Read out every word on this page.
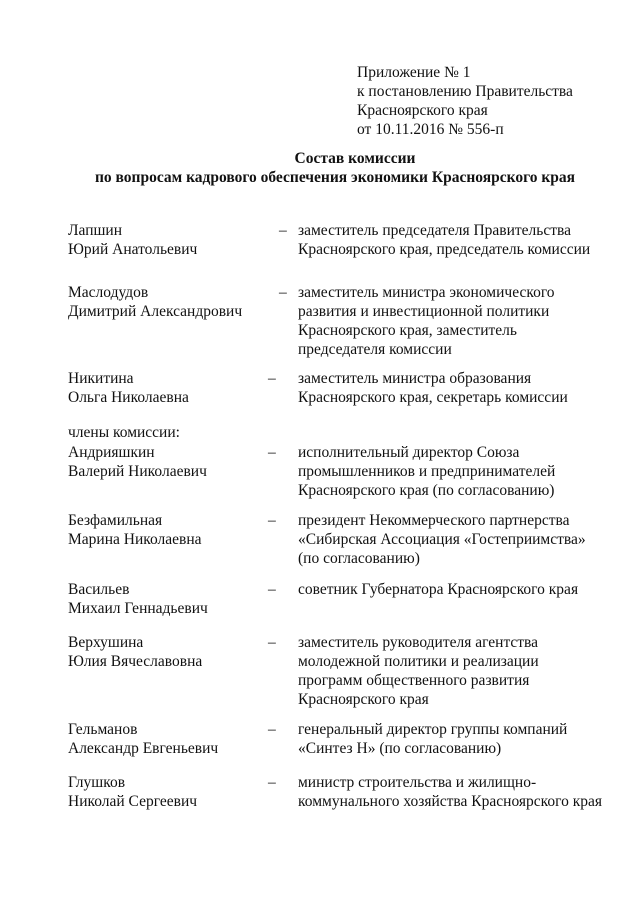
Приложение № 1
к постановлению Правительства
Красноярского края
от 10.11.2016 № 556-п
Состав комиссии
по вопросам кадрового обеспечения экономики Красноярского края
Лапшин
Юрий Анатольевич
– заместитель председателя Правительства
Красноярского края, председатель комиссии
Маслодудов
Димитрий Александрович
– заместитель министра экономического
развития и инвестиционной политики
Красноярского края, заместитель
председателя комиссии
Никитина
Ольга Николаевна
– заместитель министра образования
Красноярского края, секретарь комиссии
члены комиссии:
Андрияшкин
Валерий Николаевич
– исполнительный директор Союза
промышленников и предпринимателей
Красноярского края (по согласованию)
Безфамильная
Марина Николаевна
– президент Некоммерческого партнерства
«Сибирская Ассоциация «Гостеприимства»
(по согласованию)
Васильев
Михаил Геннадьевич
– советник Губернатора Красноярского края
Верхушина
Юлия Вячеславовна
– заместитель руководителя агентства
молодежной политики и реализации
программ общественного развития
Красноярского края
Гельманов
Александр Евгеньевич
– генеральный директор группы компаний
«Синтез Н» (по согласованию)
Глушков
Николай Сергеевич
– министр строительства и жилищно-
коммунального хозяйства Красноярского края
